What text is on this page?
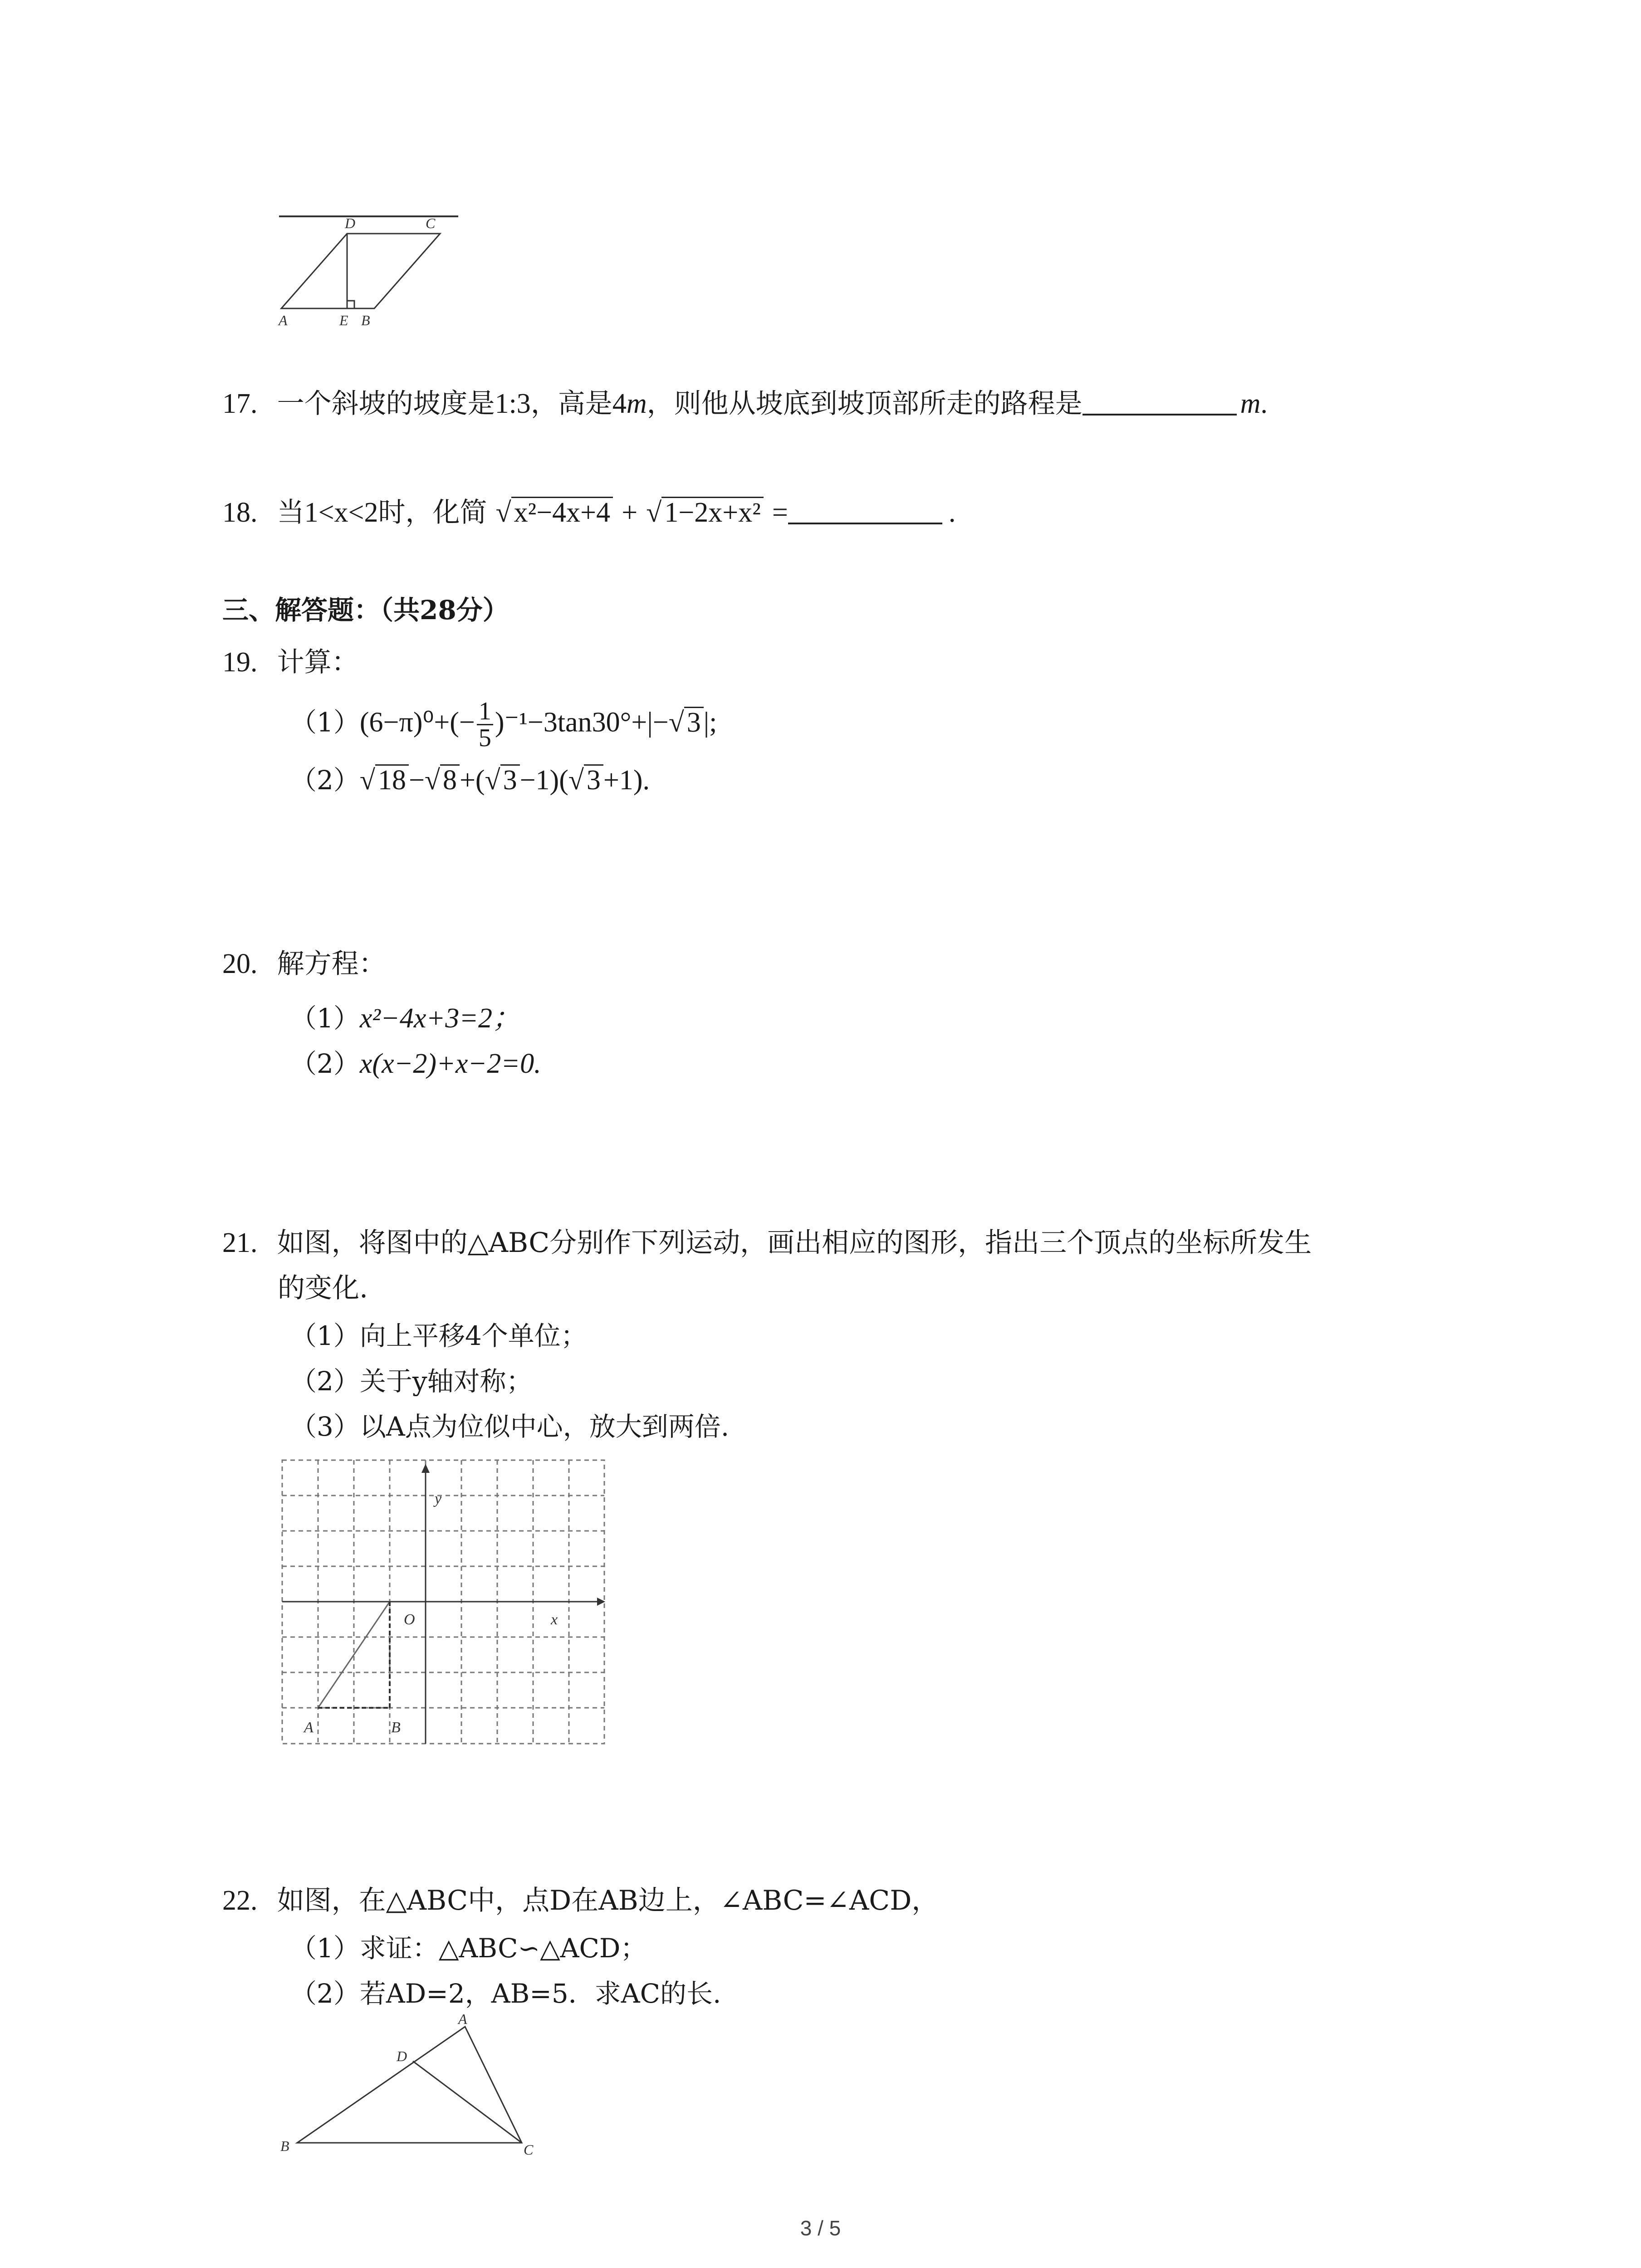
D	C
A	E B
17. 一个斜坡的坡度是1:3，高是4m，则他从坡底到坡顶部所走的路程是	m.
18. 当1<x<2时，化简 √x²−4x+4 + √1−2x+x² =	.
三、解答题：（共28分）
19. 计算：
$(1)(6-\pi)^0+(- \frac{1}{5} )^{-1}-3\tan 30^\circ+|-√3|$;
（2）√18−√8+(√3−1)(√3+1).
20. 解方程：
（1）x²−4x+3=2；
（2）x(x−2)+x−2=0.
21. 如图，将图中的△ABC分别作下列运动，画出相应的图形，指出三个顶点的坐标所发生
的变化.
（1）向上平移4个单位；
（2）关于y轴对称；
（3）以A点为位似中心，放大到两倍.
y
x
O
A	B
22. 如图，在△ABC中，点D在AB边上，∠ABC=∠ACD，
（1）求证：△ABC∽△ACD；
（2）若AD=2，AB=5．求AC的长.
A
D
B	C
3 / 5
